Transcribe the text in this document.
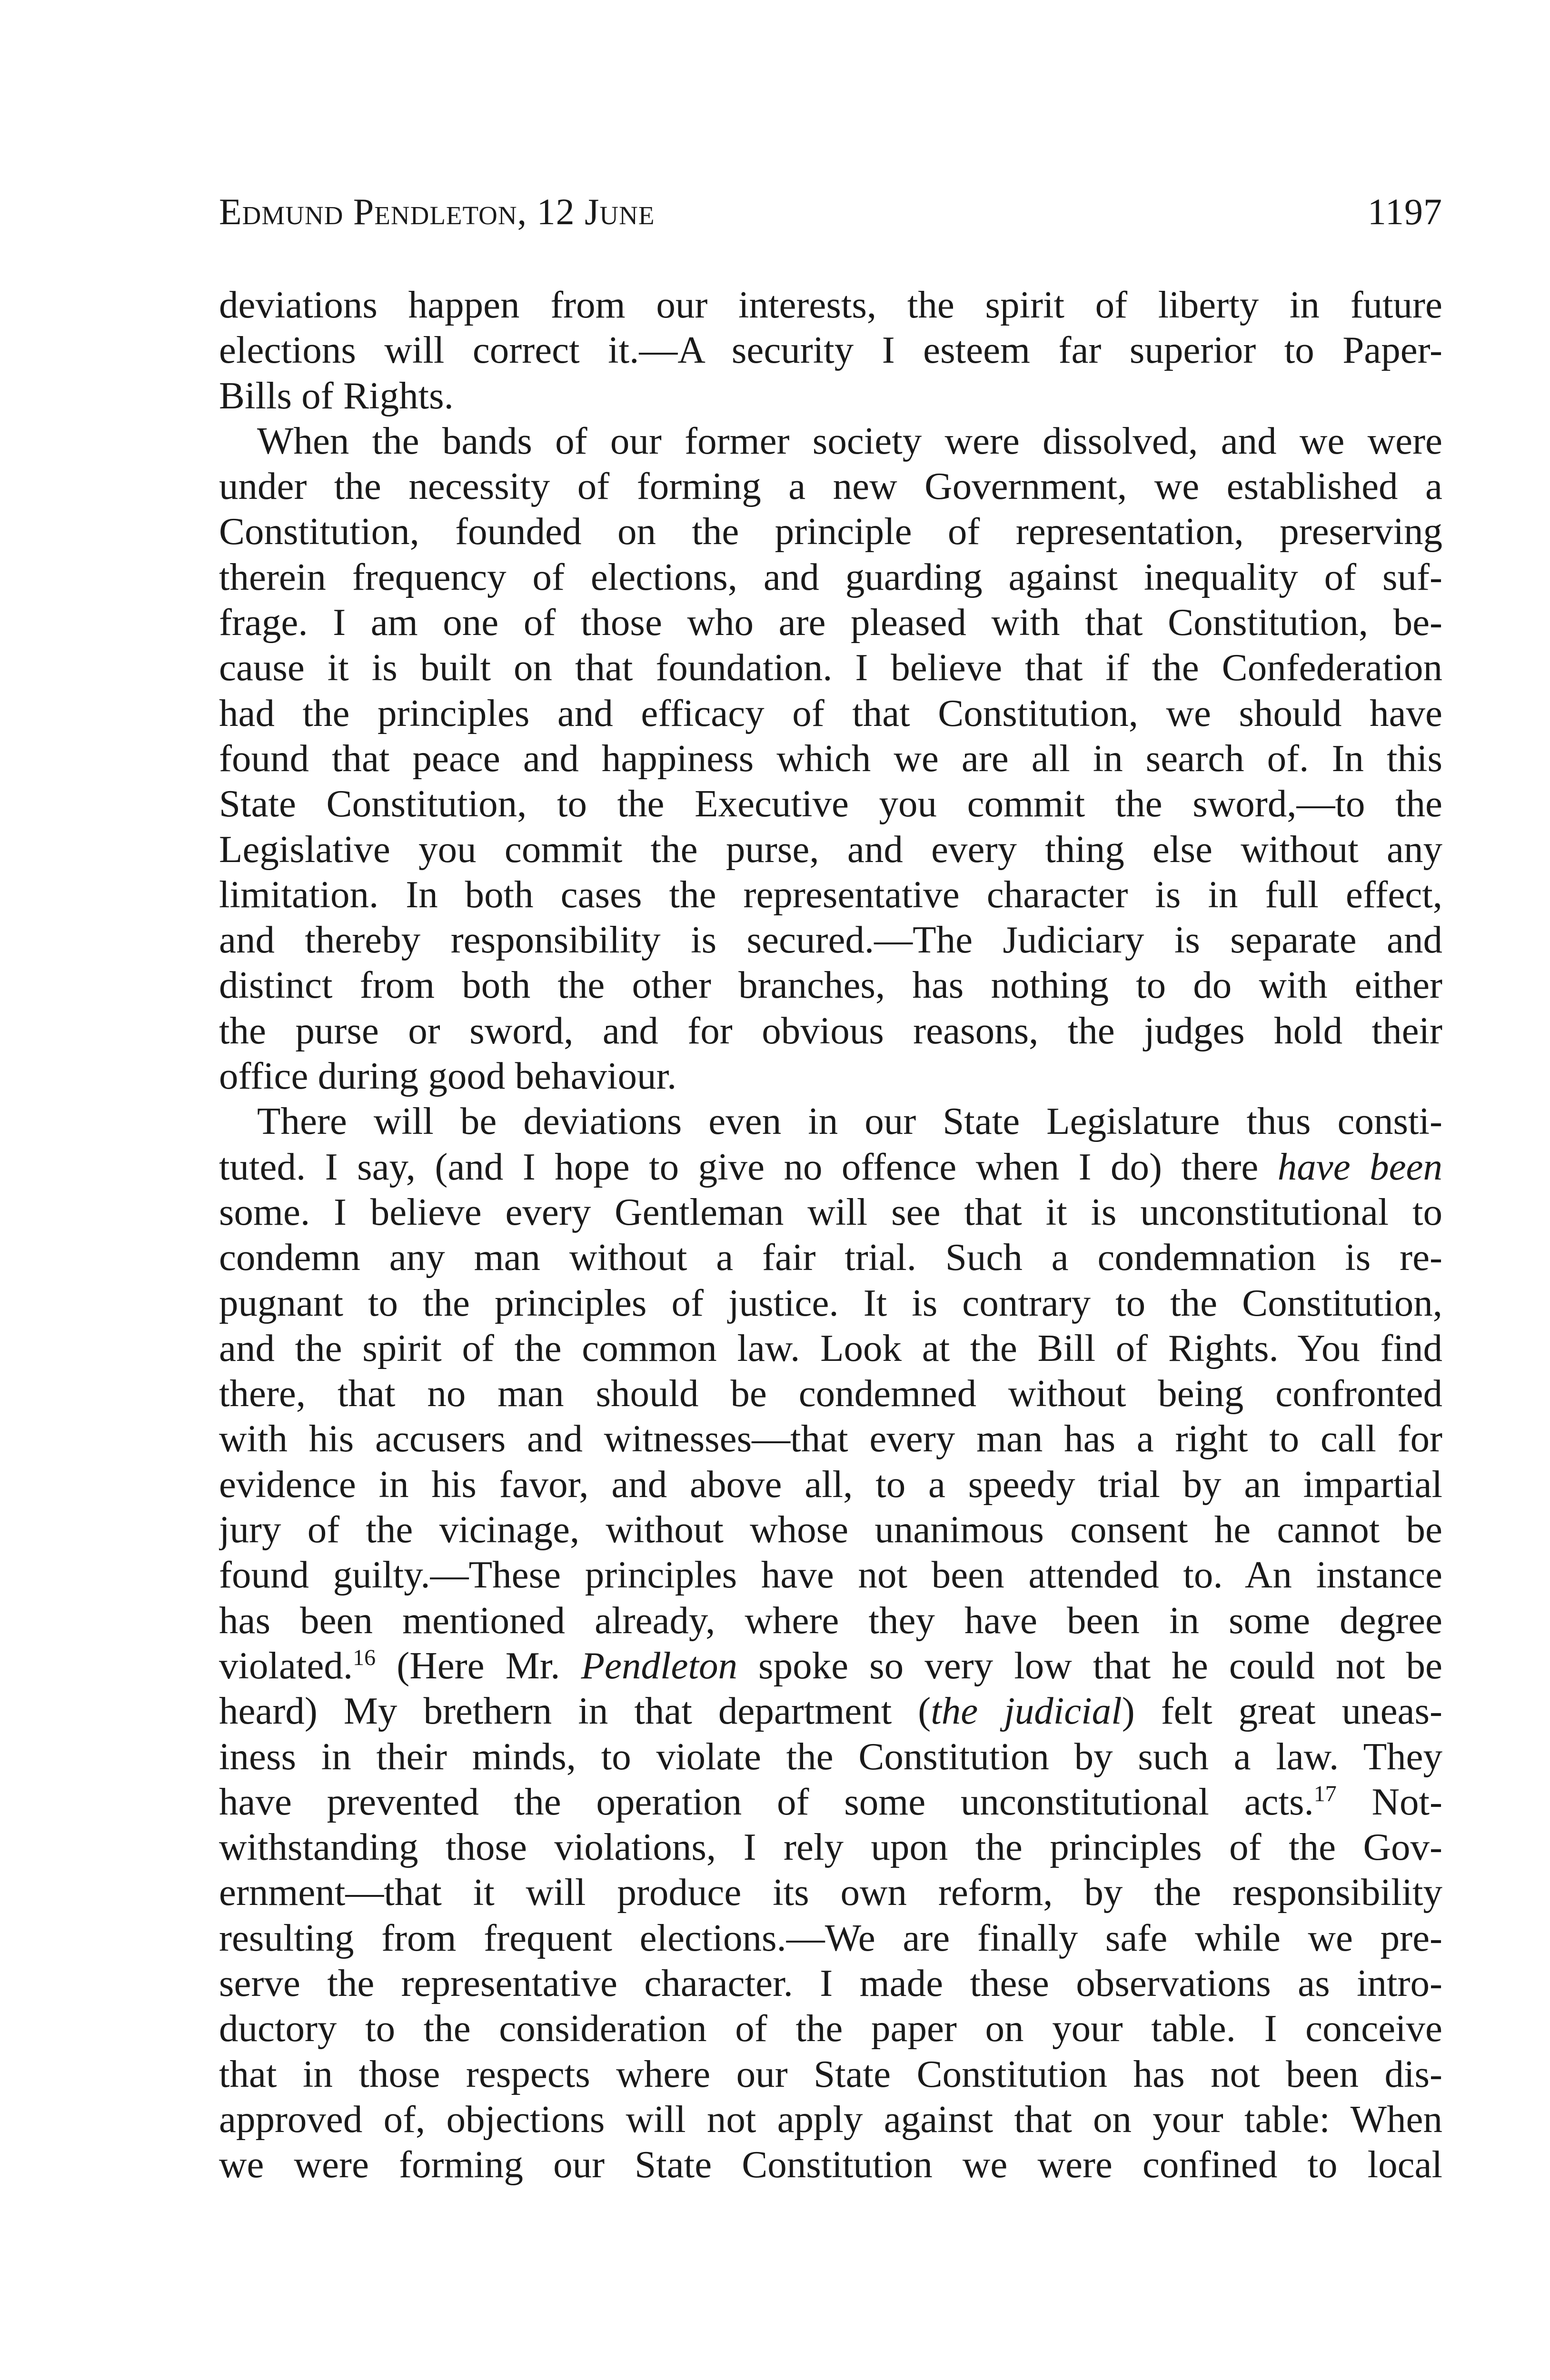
Edmund Pendleton, 12 June	1197
deviations happen from our interests, the spirit of liberty in future
elections will correct it.—A security I esteem far superior to Paper-
Bills of Rights.
When the bands of our former society were dissolved, and we were
under the necessity of forming a new Government, we established a
Constitution, founded on the principle of representation, preserving
therein frequency of elections, and guarding against inequality of suf-
frage. I am one of those who are pleased with that Constitution, be-
cause it is built on that foundation. I believe that if the Confederation
had the principles and efficacy of that Constitution, we should have
found that peace and happiness which we are all in search of. In this
State Constitution, to the Executive you commit the sword,—to the
Legislative you commit the purse, and every thing else without any
limitation. In both cases the representative character is in full effect,
and thereby responsibility is secured.—The Judiciary is separate and
distinct from both the other branches, has nothing to do with either
the purse or sword, and for obvious reasons, the judges hold their
office during good behaviour.
There will be deviations even in our State Legislature thus consti-
tuted. I say, (and I hope to give no offence when I do) there have been
some. I believe every Gentleman will see that it is unconstitutional to
condemn any man without a fair trial. Such a condemnation is re-
pugnant to the principles of justice. It is contrary to the Constitution,
and the spirit of the common law. Look at the Bill of Rights. You find
there, that no man should be condemned without being confronted
with his accusers and witnesses—that every man has a right to call for
evidence in his favor, and above all, to a speedy trial by an impartial
jury of the vicinage, without whose unanimous consent he cannot be
found guilty.—These principles have not been attended to. An instance
has been mentioned already, where they have been in some degree
violated.$^{16}$ (Here Mr. Pendleton spoke so very low that he could not be
heard) My brethern in that department (the judicial) felt great uneas-
iness in their minds, to violate the Constitution by such a law. They
have prevented the operation of some unconstitutional acts.$^{17}$ Not-
withstanding those violations, I rely upon the principles of the Gov-
ernment—that it will produce its own reform, by the responsibility
resulting from frequent elections.—We are finally safe while we pre-
serve the representative character. I made these observations as intro-
ductory to the consideration of the paper on your table. I conceive
that in those respects where our State Constitution has not been dis-
approved of, objections will not apply against that on your table: When
we were forming our State Constitution we were confined to local
